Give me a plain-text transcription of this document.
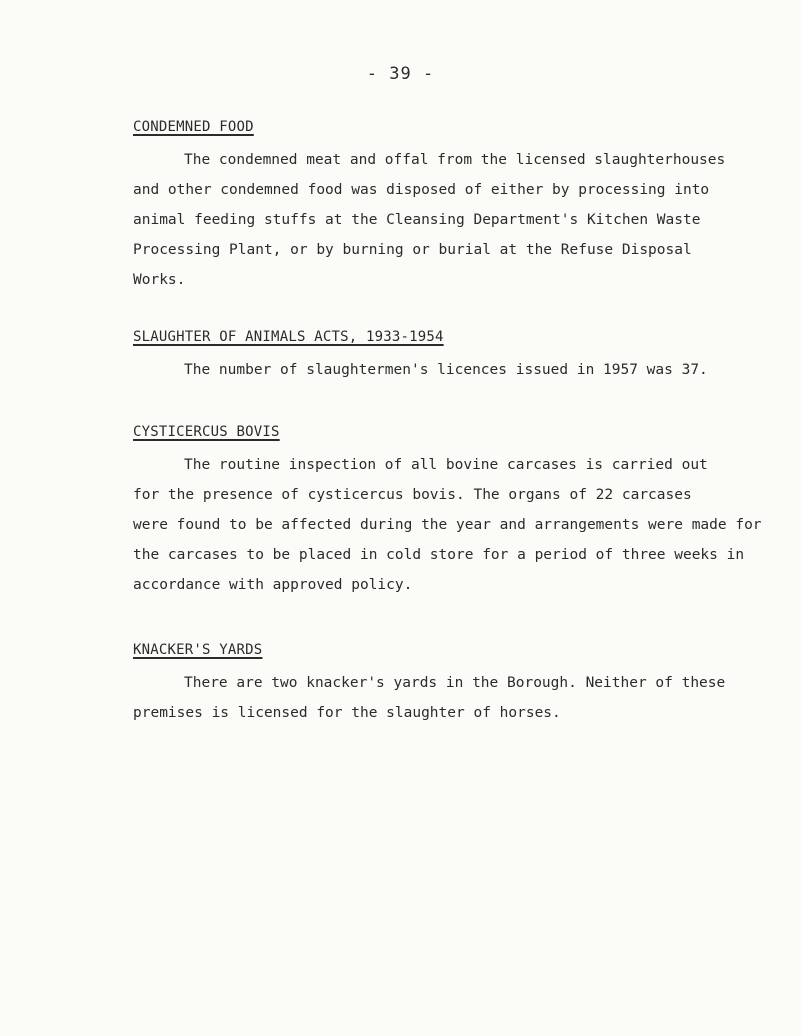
- 39 -
CONDEMNED FOOD

The condemned meat and offal from the licensed slaughterhouses

and other condemned food was disposed of either by processing into

animal feeding stuffs at the Cleansing Department's Kitchen Waste

Processing Plant, or by burning or burial at the Refuse Disposal

Works.

SLAUGHTER OF ANIMALS ACTS, 1933-1954

The number of slaughtermen's licences issued in 1957 was 37.

CYSTICERCUS BOVIS

The routine inspection of all bovine carcases is carried out

for the presence of cysticercus bovis. The organs of 22 carcases

were found to be affected during the year and arrangements were made for

the carcases to be placed in cold store for a period of three weeks in

accordance with approved policy.

KNACKER'S YARDS

There are two knacker's yards in the Borough. Neither of these

premises is licensed for the slaughter of horses.
